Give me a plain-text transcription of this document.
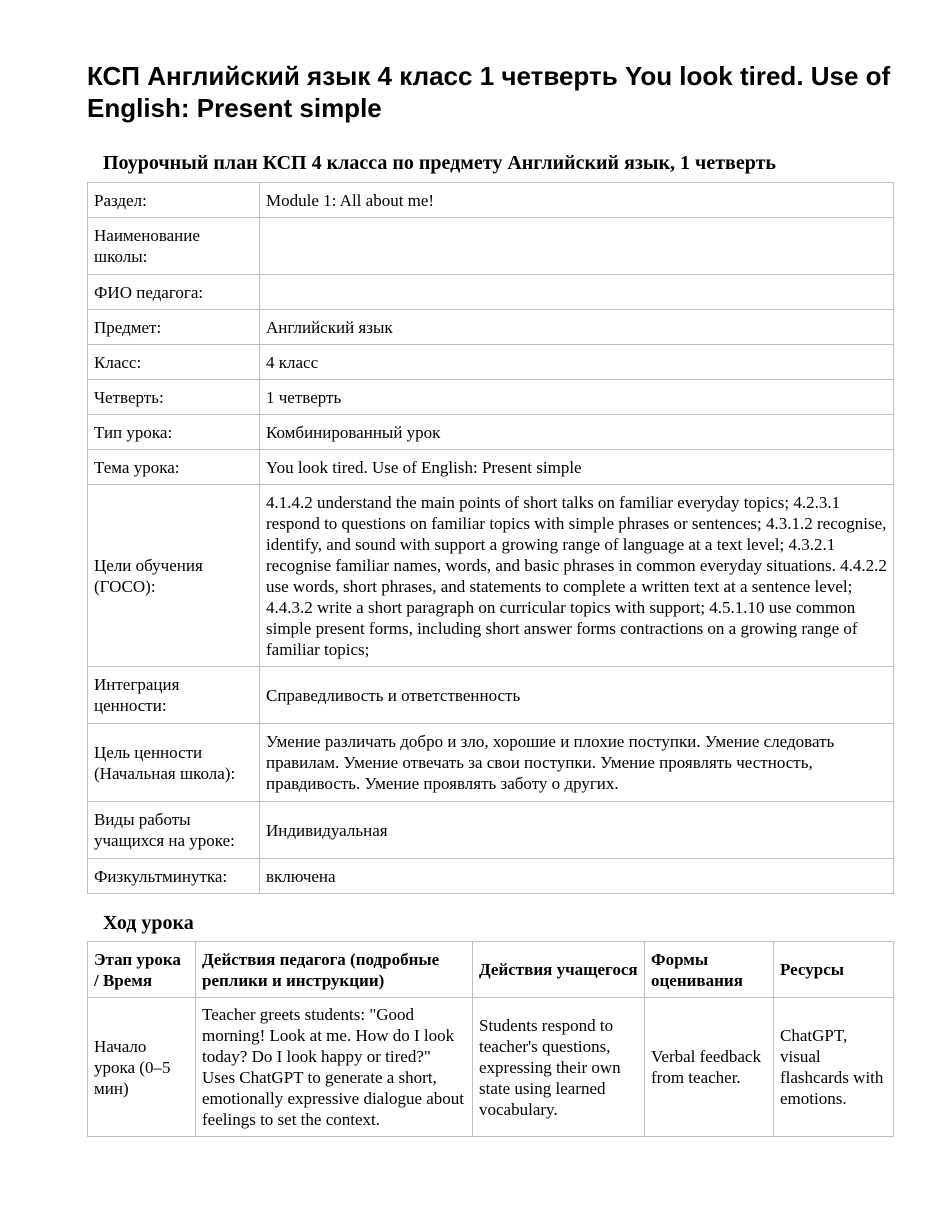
КСП Английский язык 4 класс 1 четверть You look tired. Use of English: Present simple
Поурочный план КСП 4 класса по предмету Английский язык, 1 четверть
Раздел:	Module 1: All about me!
Наименование школы:	
ФИО педагога:	
Предмет:	Английский язык
Класс:	4 класс
Четверть:	1 четверть
Тип урока:	Комбинированный урок
Тема урока:	You look tired. Use of English: Present simple
Цели обучения (ГОСО):	4.1.4.2 understand the main points of short talks on familiar everyday topics; 4.2.3.1 respond to questions on familiar topics with simple phrases or sentences; 4.3.1.2 recognise, identify, and sound with support a growing range of language at a text level; 4.3.2.1 recognise familiar names, words, and basic phrases in common everyday situations. 4.4.2.2 use words, short phrases, and statements to complete a written text at a sentence level; 4.4.3.2 write a short paragraph on curricular topics with support; 4.5.1.10 use common simple present forms, including short answer forms contractions on a growing range of familiar topics;
Интеграция ценности:	Справедливость и ответственность
Цель ценности (Начальная школа):	Умение различать добро и зло, хорошие и плохие поступки. Умение следовать правилам. Умение отвечать за свои поступки. Умение проявлять честность, правдивость. Умение проявлять заботу о других.
Виды работы учащихся на уроке:	Индивидуальная
Физкультминутка:	включена
Ход урока
Этап урока / Время	Действия педагога (подробные реплики и инструкции)	Действия учащегося	Формы оценивания	Ресурсы
Начало урока (0–5 мин)	Teacher greets students: "Good morning! Look at me. How do I look today? Do I look happy or tired?" Uses ChatGPT to generate a short, emotionally expressive dialogue about feelings to set the context.	Students respond to teacher's questions, expressing their own state using learned vocabulary.	Verbal feedback from teacher.	ChatGPT, visual flashcards with emotions.
